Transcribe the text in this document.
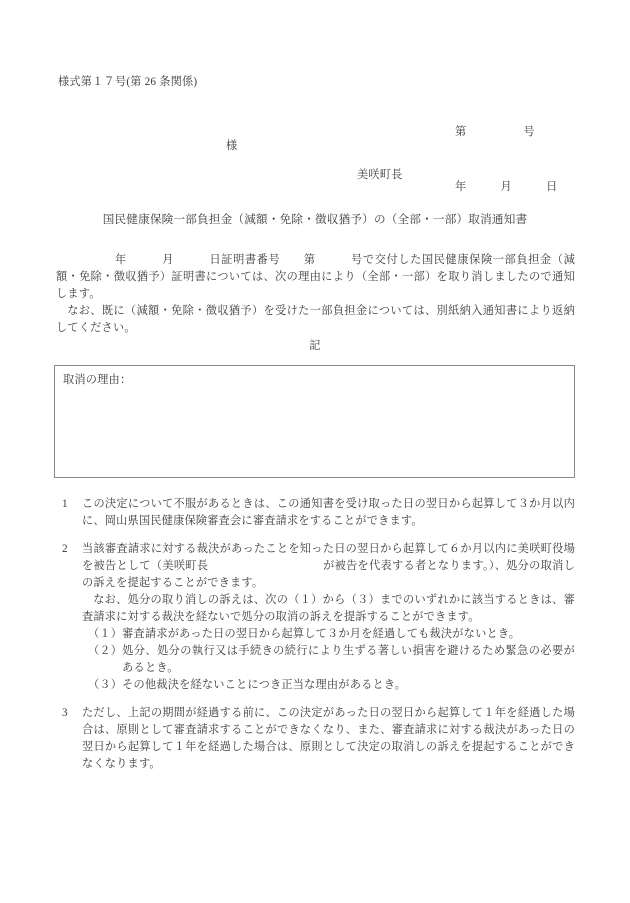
様式第１７号(第 26 条関係)

第　　　　　号

年　　　月　　　日

様
美咲町長
国民健康保険一部負担金（減額・免除・徴収猶予）の（全部・一部）取消通知書

　　　　　年　　　月　　　日証明書番号　　第　　　号で交付した国民健康保険一部負担金（減額・免除・徴収猶予）証明書については、次の理由により（全部・一部）を取り消しましたので通知します。

なお、既に（減額・免除・徴収猶予）を受けた一部負担金については、別紙納入通知書により返納してください。

記
取消の理由：
1	この決定について不服があるときは、この通知書を受け取った日の翌日から起算して３か月以内に、岡山県国民健康保険審査会に審査請求をすることができます。

2	当該審査請求に対する裁決があったことを知った日の翌日から起算して６か月以内に美咲町役場を被告として（美咲町長　　　　　　　　　　が被告を代表する者となります。）、処分の取消しの訴えを提起することができます。

なお、処分の取り消しの訴えは、次の（１）から（３）までのいずれかに該当するときは、審査請求に対する裁決を経ないで処分の取消の訴えを提訴することができます。

（１） 審査請求があった日の翌日から起算して３か月を経過しても裁決がないとき。
（２） 処分、処分の執行又は手続きの続行により生ずる著しい損害を避けるため緊急の必要があるとき。
（３） その他裁決を経ないことにつき正当な理由があるとき。
3	ただし、上記の期間が経過する前に、この決定があった日の翌日から起算して１年を経過した場合は、原則として審査請求することができなくなり、また、審査請求に対する裁決があった日の翌日から起算して１年を経過した場合は、原則として決定の取消しの訴えを提起することができなくなります。
